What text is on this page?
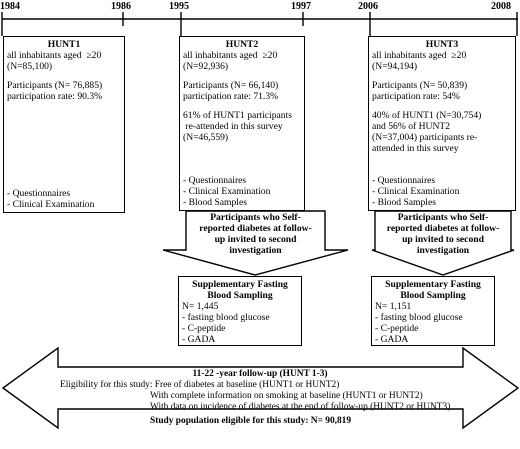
1984	1986	1995	1997	2006	2008
HUNT1
all inhabitants aged  ≥20
(N=85,100)
Participants (N= 76,885)
participation rate: 90.3%
- Questionnaires
- Clinical Examination
HUNT2
all inhabitants aged  ≥20
(N=92,936)
Participants (N= 66,140)
participation rate: 71.3%
61% of HUNT1 participants
re-attended in this survey
(N=46,559)
- Questionnaires
- Clinical Examination
- Blood Samples
HUNT3
all inhabitants aged  ≥20
(N=94,194)
Participants (N= 50,839)
participation rate: 54%
40% of HUNT1 (N=30,754)
and 56% of HUNT2
(N=37,004) participants re-
attended in this survey
- Questionnaires
- Clinical Examination
- Blood Samples
Participants who Self-
reported diabetes at follow-
up invited to second
investigation
Participants who Self-
reported diabetes at follow-
up invited to second
investigation
Supplementary Fasting
Blood Sampling
N= 1,445
- fasting blood glucose
- C-peptide
- GADA
Supplementary Fasting
Blood Sampling
N= 1,151
- fasting blood glucose
- C-peptide
- GADA
11-22 -year follow-up (HUNT 1-3)
Eligibility for this study: Free of diabetes at baseline (HUNT1 or HUNT2)
With complete information on smoking at baseline (HUNT1 or HUNT2)
With data on incidence of diabetes at the end of follow-up (HUNT2 or HUNT3)
Study population eligible for this study: N= 90,819
